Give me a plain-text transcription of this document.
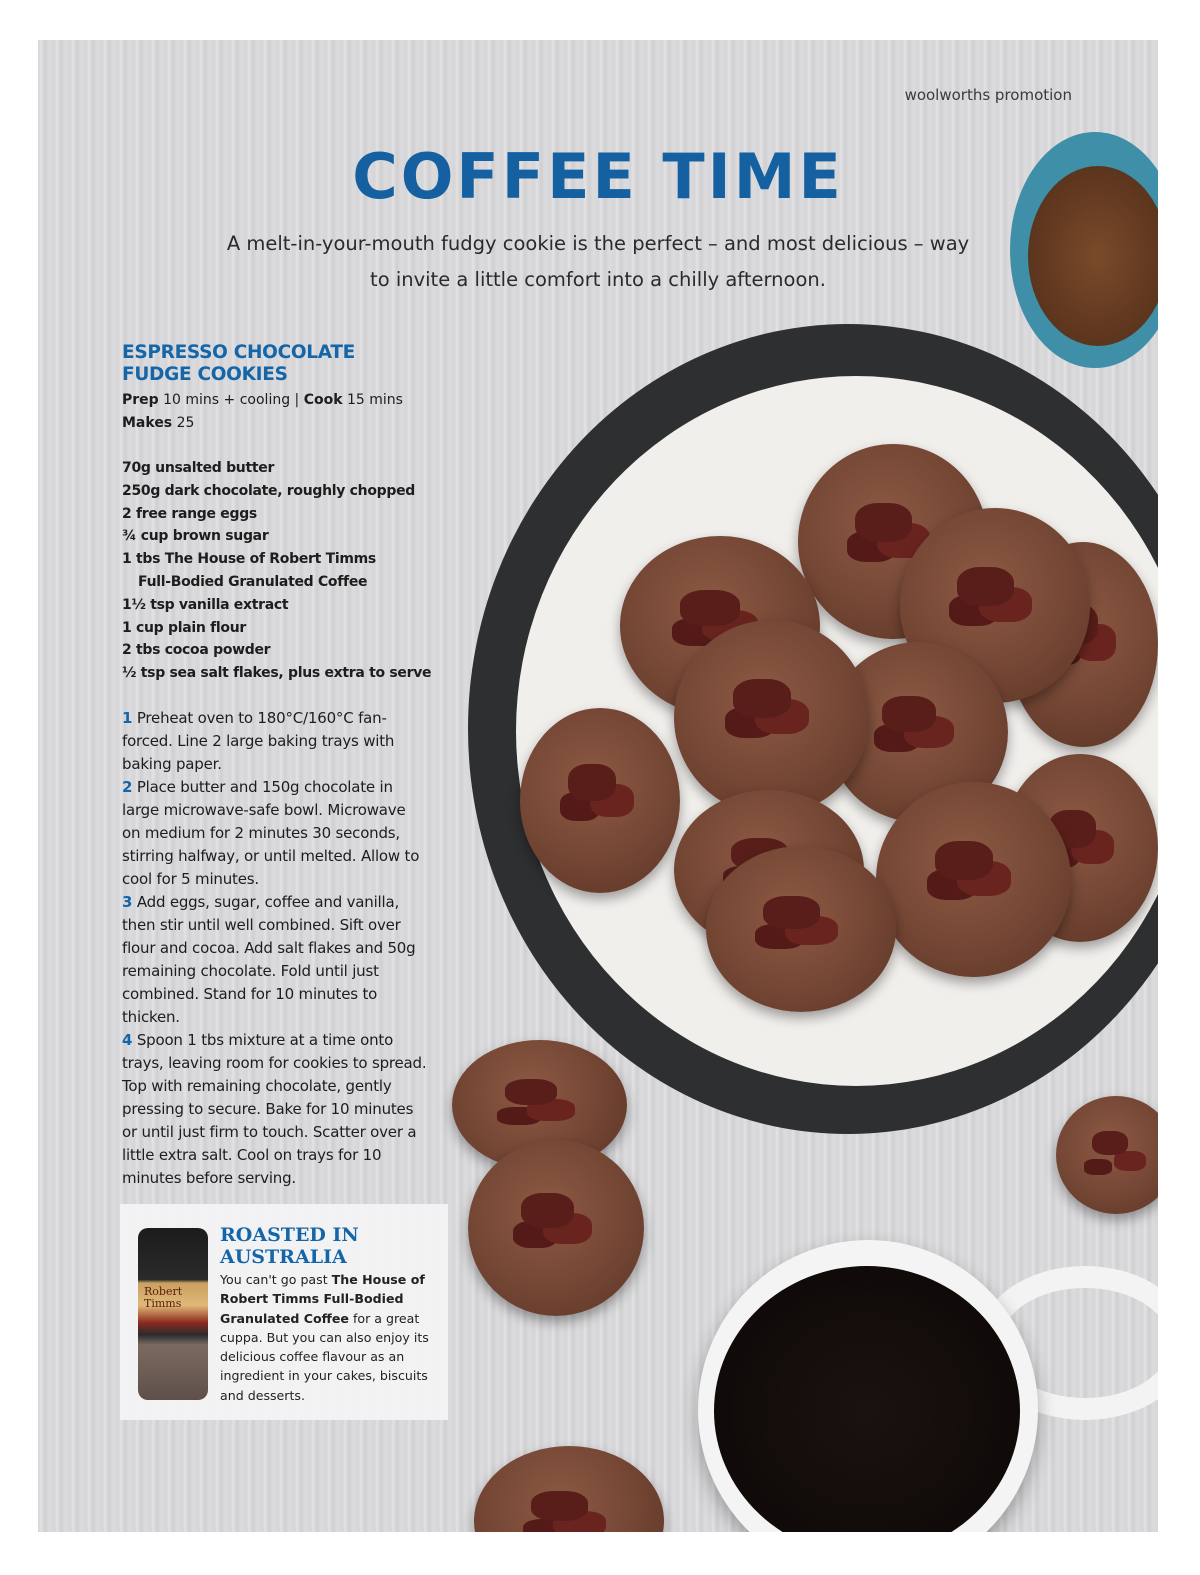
woolworths promotion
COFFEE TIME
A melt-in-your-mouth fudgy cookie is the perfect – and most delicious – way to invite a little comfort into a chilly afternoon.
ESPRESSO CHOCOLATE
FUDGE COOKIES
Prep 10 mins + cooling | Cook 15 mins
Makes 25
70g unsalted butter
250g dark chocolate, roughly chopped
2 free range eggs
¾ cup brown sugar
1 tbs The House of Robert Timms
Full-Bodied Granulated Coffee
1½ tsp vanilla extract
1 cup plain flour
2 tbs cocoa powder
½ tsp sea salt flakes, plus extra to serve
1 Preheat oven to 180°C/160°C fan-forced. Line 2 large baking trays with baking paper.
2 Place butter and 150g chocolate in large microwave-safe bowl. Microwave on medium for 2 minutes 30 seconds, stirring halfway, or until melted. Allow to cool for 5 minutes.
3 Add eggs, sugar, coffee and vanilla, then stir until well combined. Sift over flour and cocoa. Add salt flakes and 50g remaining chocolate. Fold until just combined. Stand for 10 minutes to thicken.
4 Spoon 1 tbs mixture at a time onto trays, leaving room for cookies to spread. Top with remaining chocolate, gently pressing to secure. Bake for 10 minutes or until just firm to touch. Scatter over a little extra salt. Cool on trays for 10 minutes before serving.
Robert Timms
ROASTED IN
AUSTRALIA
You can't go past The House of Robert Timms Full-Bodied Granulated Coffee for a great cuppa. But you can also enjoy its delicious coffee flavour as an ingredient in your cakes, biscuits and desserts.
